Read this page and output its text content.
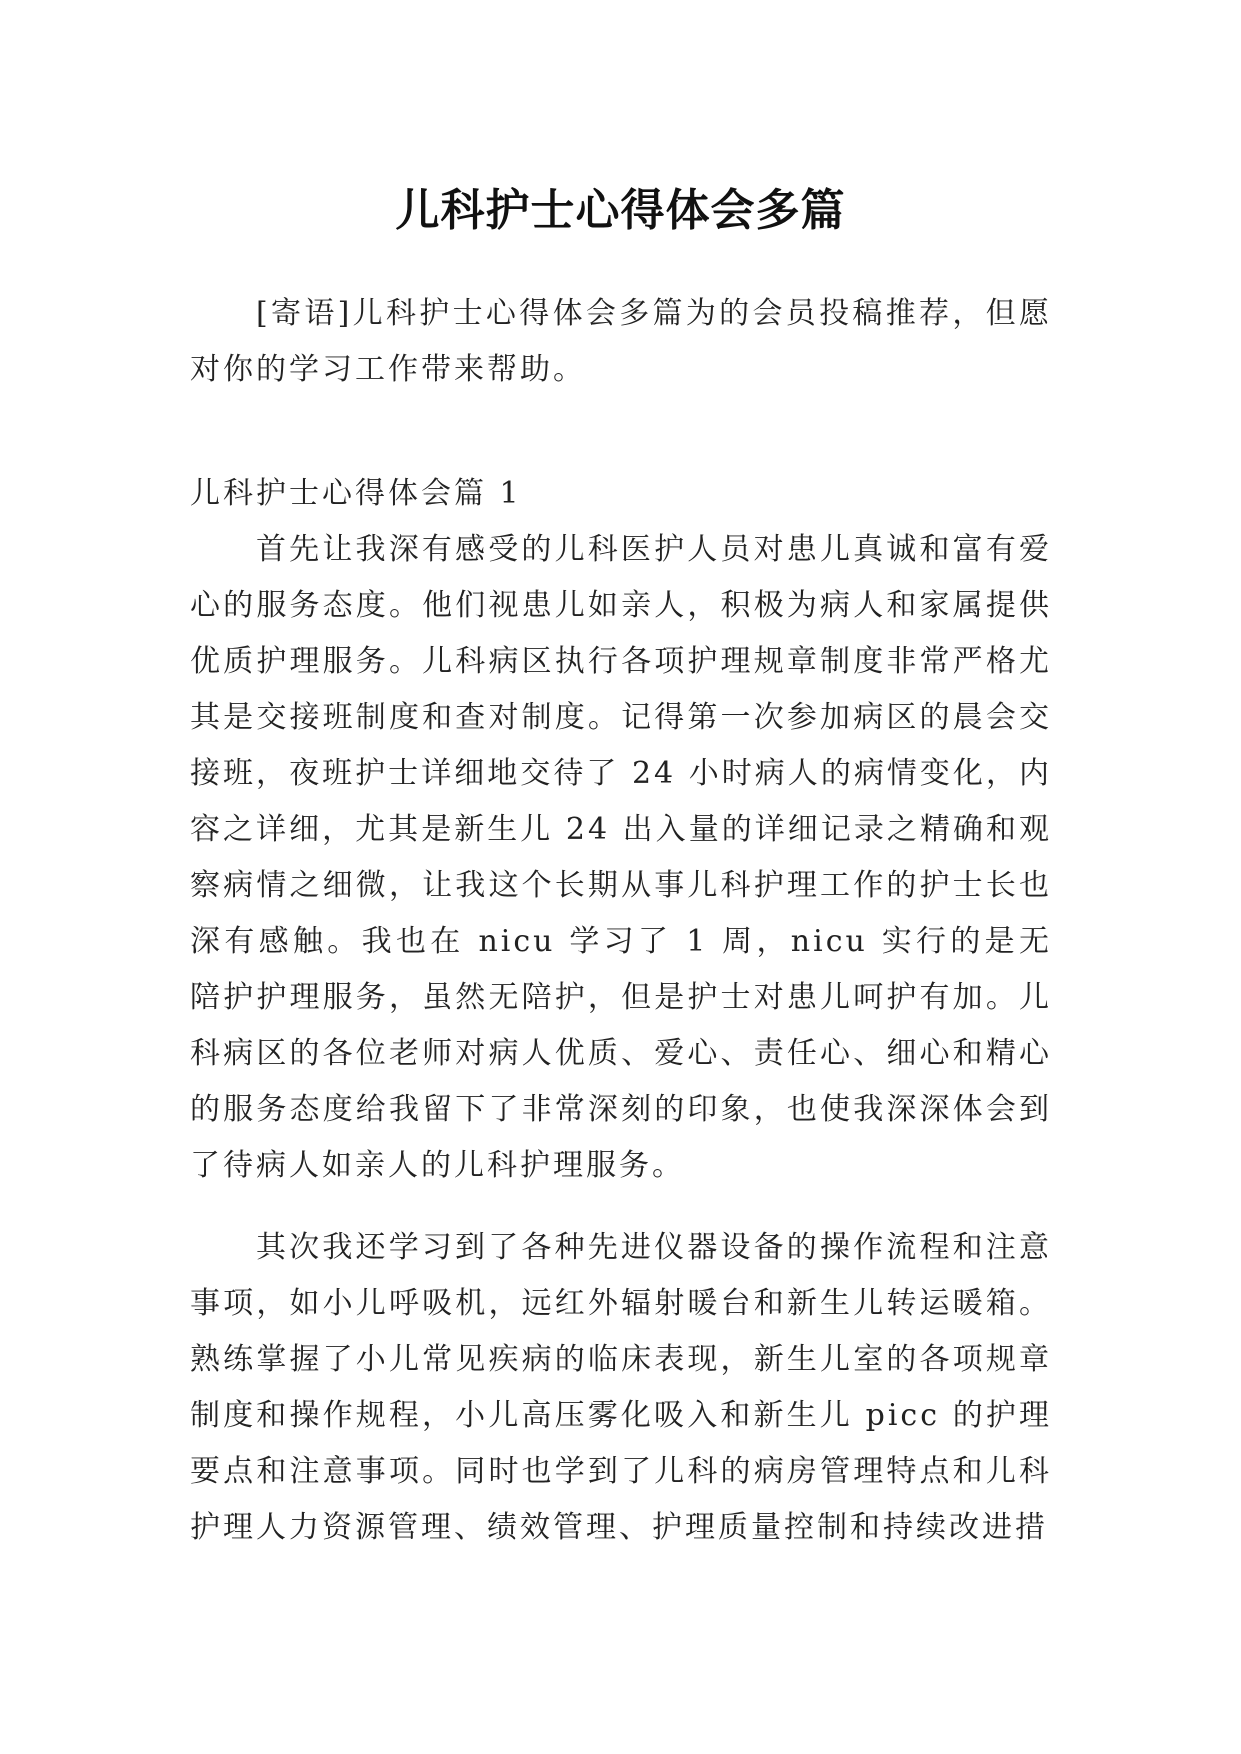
儿科护士心得体会多篇

[寄语]儿科护士心得体会多篇为的会员投稿推荐，但愿对你的学习工作带来帮助。

儿科护士心得体会篇 1

首先让我深有感受的儿科医护人员对患儿真诚和富有爱心的服务态度。他们视患儿如亲人，积极为病人和家属提供优质护理服务。儿科病区执行各项护理规章制度非常严格尤其是交接班制度和查对制度。记得第一次参加病区的晨会交接班，夜班护士详细地交待了 24 小时病人的病情变化，内容之详细，尤其是新生儿 24 出入量的详细记录之精确和观察病情之细微，让我这个长期从事儿科护理工作的护士长也深有感触。我也在 nicu 学习了 1 周，nicu 实行的是无陪护护理服务，虽然无陪护，但是护士对患儿呵护有加。儿科病区的各位老师对病人优质、爱心、责任心、细心和精心的服务态度给我留下了非常深刻的印象，也使我深深体会到了待病人如亲人的儿科护理服务。

其次我还学习到了各种先进仪器设备的操作流程和注意事项，如小儿呼吸机，远红外辐射暖台和新生儿转运暖箱。熟练掌握了小儿常见疾病的临床表现，新生儿室的各项规章制度和操作规程，小儿高压雾化吸入和新生儿 picc 的护理要点和注意事项。同时也学到了儿科的病房管理特点和儿科护理人力资源管理、绩效管理、护理质量控制和持续改进措
